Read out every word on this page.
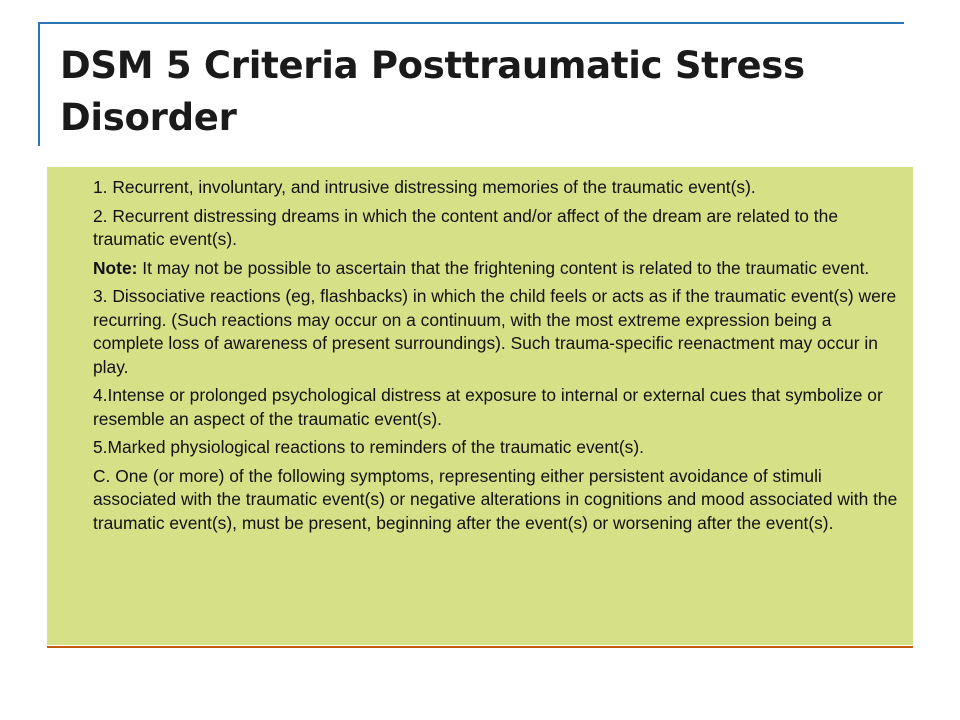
DSM 5 Criteria Posttraumatic Stress Disorder
1. Recurrent, involuntary, and intrusive distressing memories of the traumatic event(s).
2. Recurrent distressing dreams in which the content and/or affect of the dream are related to the traumatic event(s).
Note: It may not be possible to ascertain that the frightening content is related to the traumatic event.
3. Dissociative reactions (eg, flashbacks) in which the child feels or acts as if the traumatic event(s) were recurring. (Such reactions may occur on a continuum, with the most extreme expression being a complete loss of awareness of present surroundings). Such trauma-specific reenactment may occur in play.
4.Intense or prolonged psychological distress at exposure to internal or external cues that symbolize or resemble an aspect of the traumatic event(s).
5.Marked physiological reactions to reminders of the traumatic event(s).
C. One (or more) of the following symptoms, representing either persistent avoidance of stimuli associated with the traumatic event(s) or negative alterations in cognitions and mood associated with the traumatic event(s), must be present, beginning after the event(s) or worsening after the event(s).
